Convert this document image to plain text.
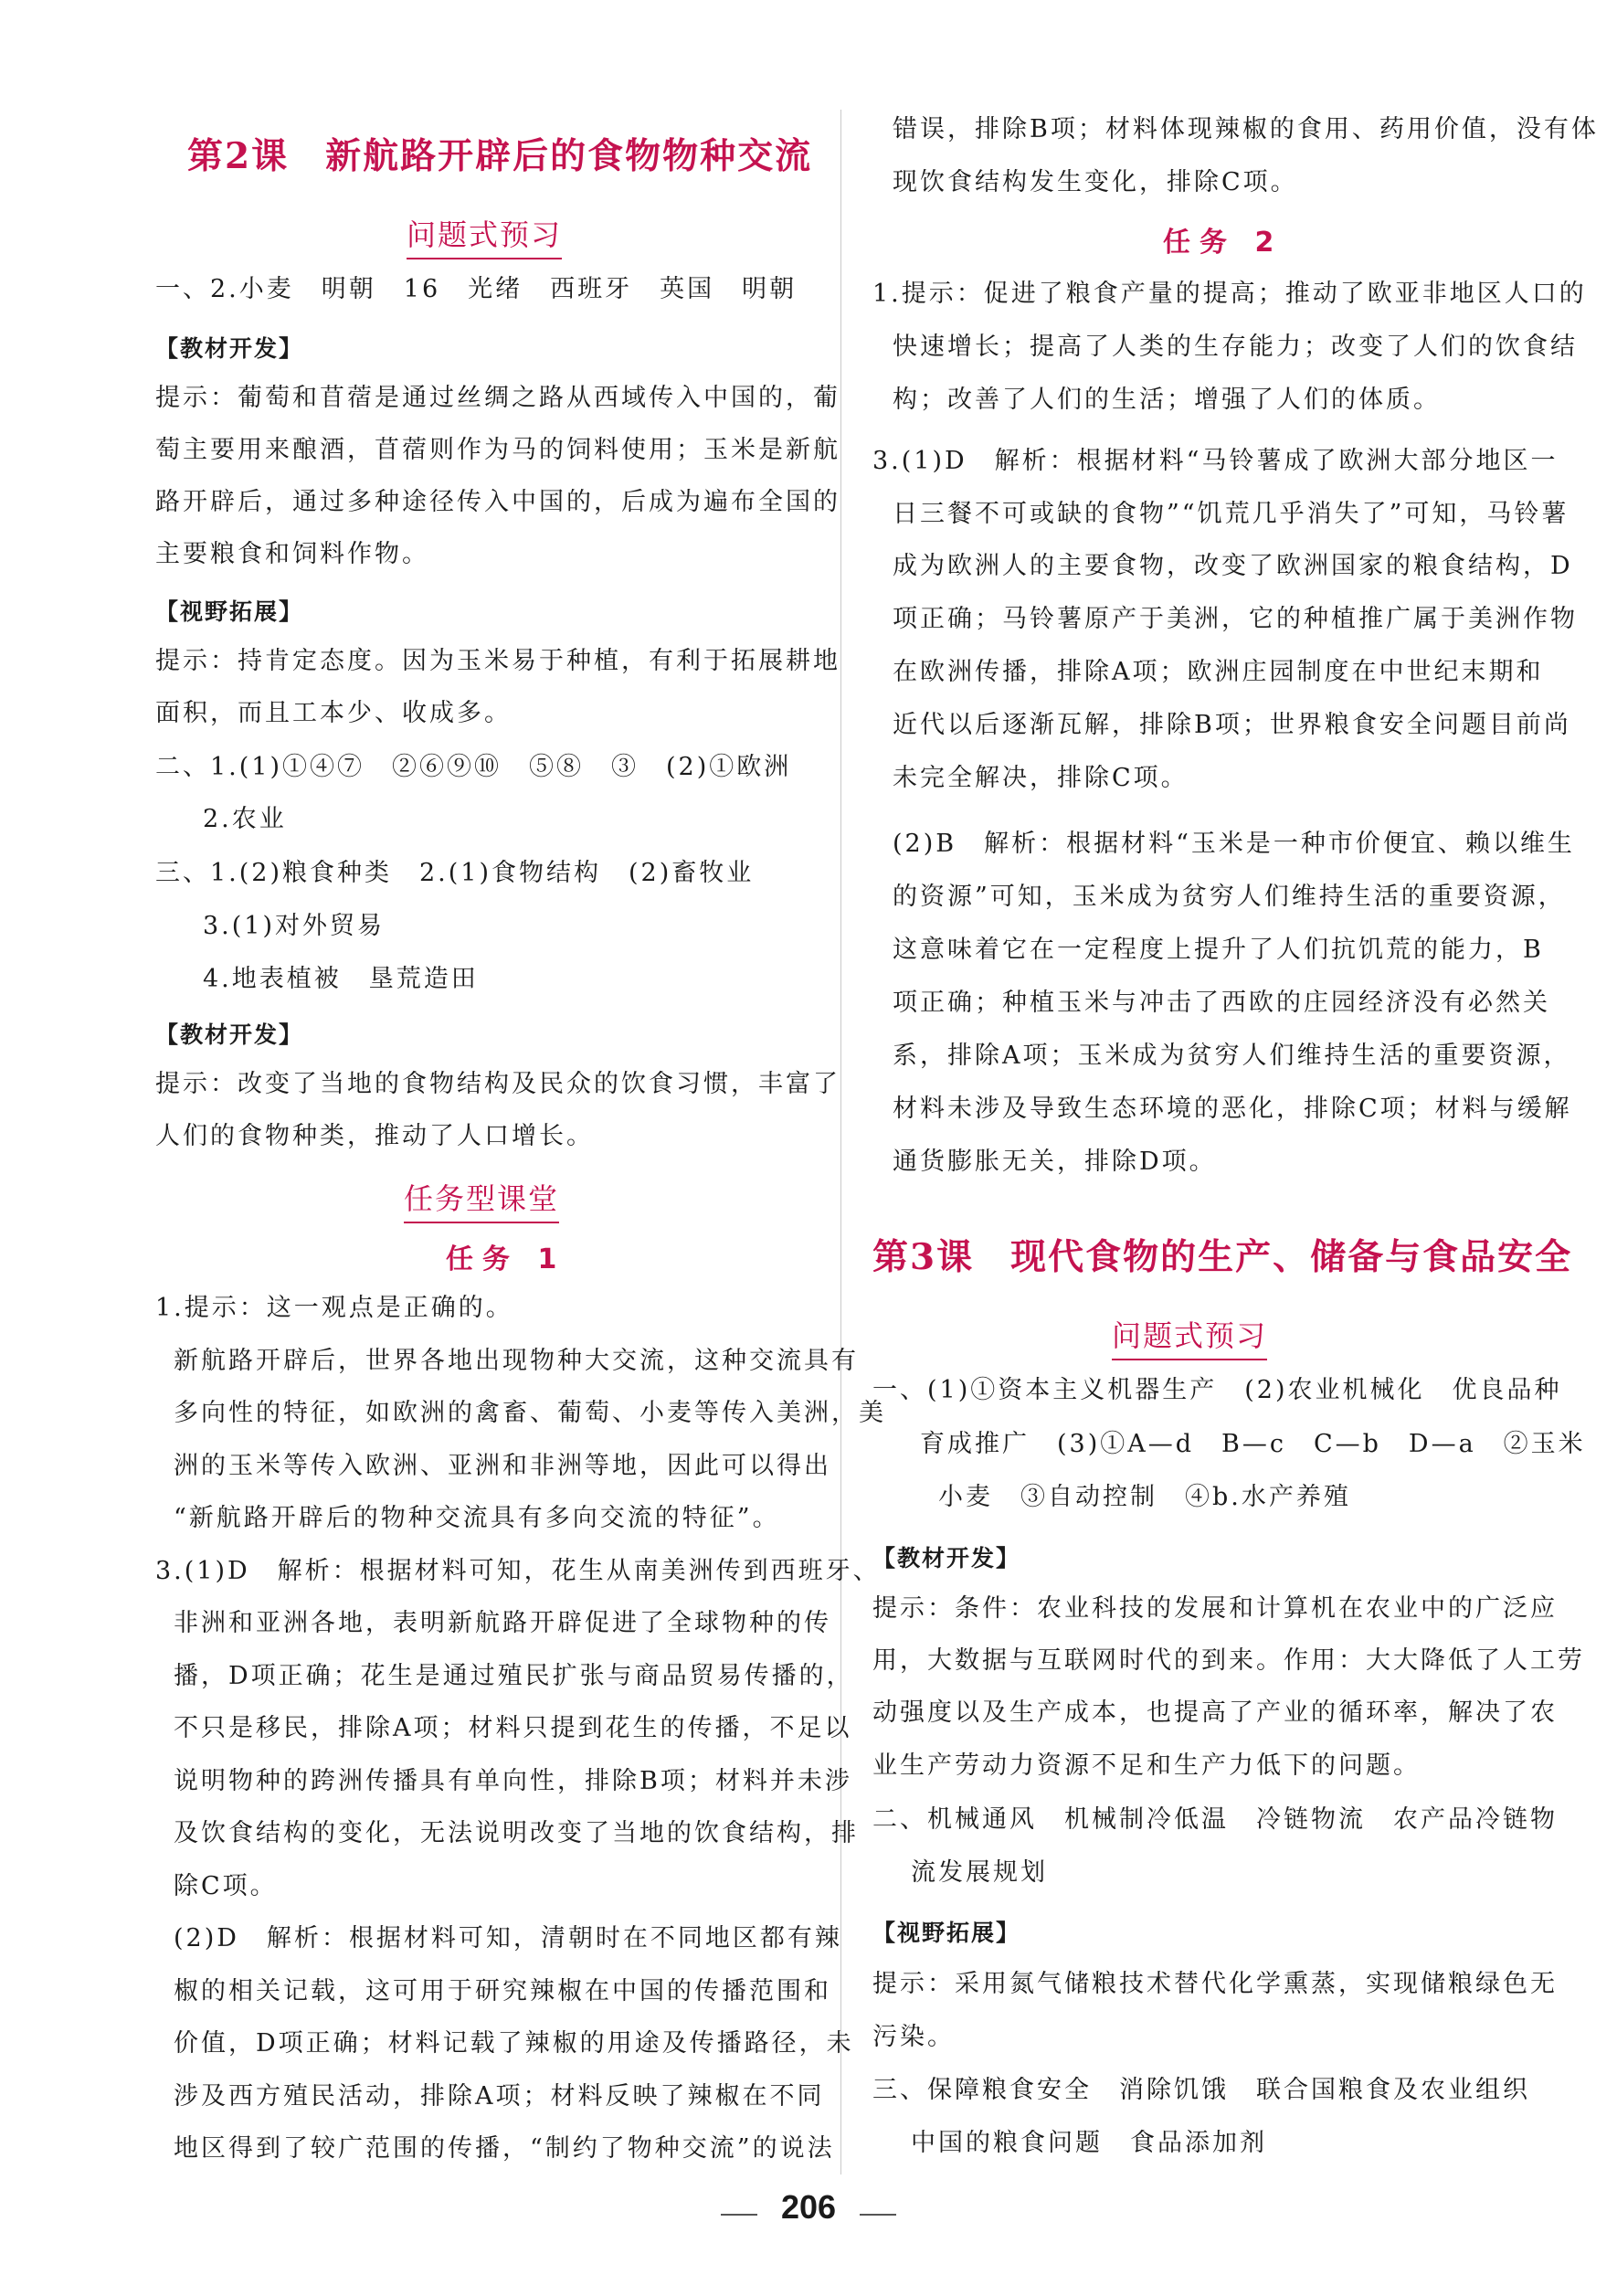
第2课 新航路开辟后的食物物种交流
问题式预习
一、2.小麦　明朝　16　光绪　西班牙　英国　明朝
【教材开发】
提示：葡萄和苜蓿是通过丝绸之路从西域传入中国的，葡
萄主要用来酿酒，苜蓿则作为马的饲料使用；玉米是新航
路开辟后，通过多种途径传入中国的，后成为遍布全国的
主要粮食和饲料作物。
【视野拓展】
提示：持肯定态度。因为玉米易于种植，有利于拓展耕地
面积，而且工本少、收成多。
二、1.(1)①④⑦　②⑥⑨⑩　⑤⑧　③　(2)①欧洲
2.农业
三、1.(2)粮食种类　2.(1)食物结构　(2)畜牧业
3.(1)对外贸易
4.地表植被　垦荒造田
【教材开发】
提示：改变了当地的食物结构及民众的饮食习惯，丰富了
人们的食物种类，推动了人口增长。
任务型课堂
任务 1
1.提示：这一观点是正确的。
新航路开辟后，世界各地出现物种大交流，这种交流具有
多向性的特征，如欧洲的禽畜、葡萄、小麦等传入美洲，美
洲的玉米等传入欧洲、亚洲和非洲等地，因此可以得出
“新航路开辟后的物种交流具有多向交流的特征”。
3.(1)D　解析：根据材料可知，花生从南美洲传到西班牙、
非洲和亚洲各地，表明新航路开辟促进了全球物种的传
播，D项正确；花生是通过殖民扩张与商品贸易传播的，
不只是移民，排除A项；材料只提到花生的传播，不足以
说明物种的跨洲传播具有单向性，排除B项；材料并未涉
及饮食结构的变化，无法说明改变了当地的饮食结构，排
除C项。
(2)D　解析：根据材料可知，清朝时在不同地区都有辣
椒的相关记载，这可用于研究辣椒在中国的传播范围和
价值，D项正确；材料记载了辣椒的用途及传播路径，未
涉及西方殖民活动，排除A项；材料反映了辣椒在不同
地区得到了较广范围的传播，“制约了物种交流”的说法
错误，排除B项；材料体现辣椒的食用、药用价值，没有体
现饮食结构发生变化，排除C项。
任务 2
1.提示：促进了粮食产量的提高；推动了欧亚非地区人口的
快速增长；提高了人类的生存能力；改变了人们的饮食结
构；改善了人们的生活；增强了人们的体质。
3.(1)D　解析：根据材料“马铃薯成了欧洲大部分地区一
日三餐不可或缺的食物”“饥荒几乎消失了”可知，马铃薯
成为欧洲人的主要食物，改变了欧洲国家的粮食结构，D
项正确；马铃薯原产于美洲，它的种植推广属于美洲作物
在欧洲传播，排除A项；欧洲庄园制度在中世纪末期和
近代以后逐渐瓦解，排除B项；世界粮食安全问题目前尚
未完全解决，排除C项。
(2)B　解析：根据材料“玉米是一种市价便宜、赖以维生
的资源”可知，玉米成为贫穷人们维持生活的重要资源，
这意味着它在一定程度上提升了人们抗饥荒的能力，B
项正确；种植玉米与冲击了西欧的庄园经济没有必然关
系，排除A项；玉米成为贫穷人们维持生活的重要资源，
材料未涉及导致生态环境的恶化，排除C项；材料与缓解
通货膨胀无关，排除D项。
第3课 现代食物的生产、储备与食品安全
问题式预习
一、(1)①资本主义机器生产　(2)农业机械化　优良品种
育成推广　(3)①A—d　B—c　C—b　D—a　②玉米
小麦　③自动控制　④b.水产养殖
【教材开发】
提示：条件：农业科技的发展和计算机在农业中的广泛应
用，大数据与互联网时代的到来。作用：大大降低了人工劳
动强度以及生产成本，也提高了产业的循环率，解决了农
业生产劳动力资源不足和生产力低下的问题。
二、机械通风　机械制冷低温　冷链物流　农产品冷链物
流发展规划
【视野拓展】
提示：采用氮气储粮技术替代化学熏蒸，实现储粮绿色无
污染。
三、保障粮食安全　消除饥饿　联合国粮食及农业组织
中国的粮食问题　食品添加剂
206
